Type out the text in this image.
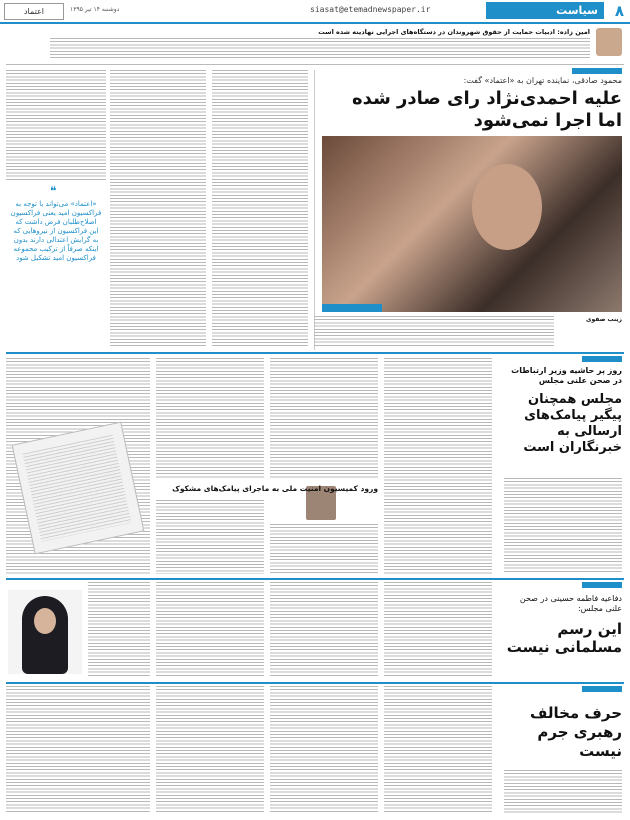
۸
سیاست
siasat@etemadnewspaper.ir
دوشنبه ۱۴ تیر ۱۳۹۵
اعتماد
امین زاده: ادبیات حمایت از حقوق شهروندان در دستگاه‌های اجرایی نهادینه شده است
محمود صادقی، نماینده تهران به «اعتماد» گفت:
علیه احمدی‌نژاد رای صادر شده اما اجرا نمی‌شود
❝
«اعتماد» می‌تواند با توجه به فراکسیون امید یعنی فراکسیون اصلاح‌طلبان فرض داشت که این فراکسیون از نیروهایی که به گرایش اعتدالی دارند بدون اینکه صرفاً از ترکیب مجموعه فراکسیون امید تشکیل شود
زینب صفوی
روز پر حاشیه وزیر ارتباطات در صحن علنی مجلس
مجلس همچنان پیگیر پیامک‌های ارسالی به خبرنگاران است
ورود کمیسیون امنیت ملی به ماجرای پیامک‌های مشکوک
دفاعیه فاطمه حسینی در صحن علنی مجلس:
این رسم مسلمانی نیست
حرف مخالف رهبری جرم نیست
